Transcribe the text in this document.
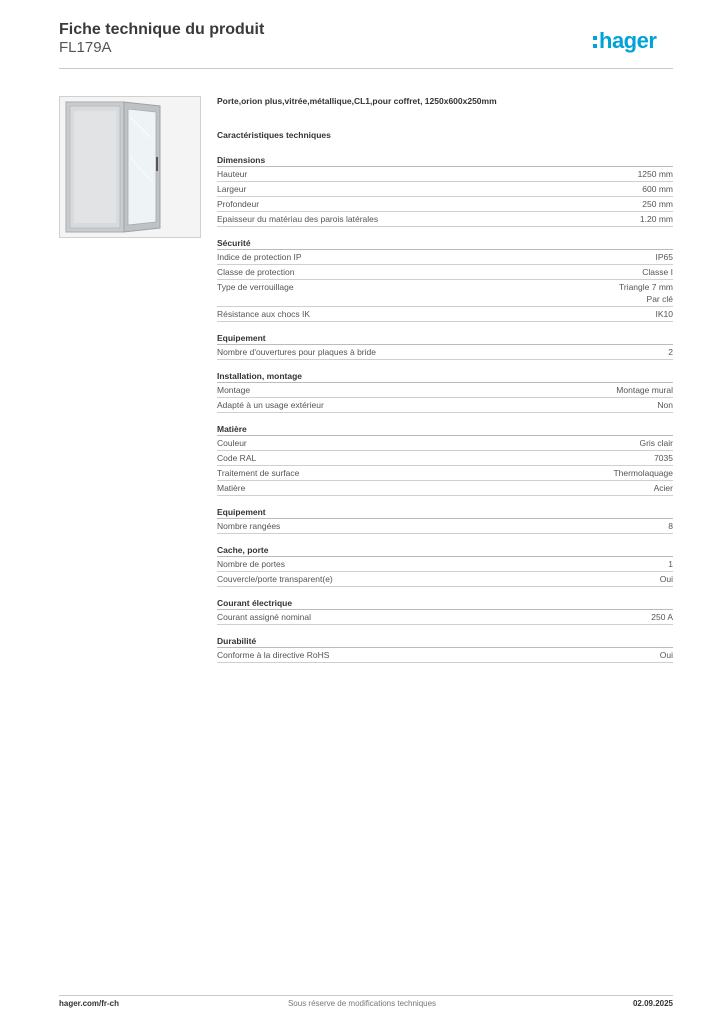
Fiche technique du produit
FL179A	hager
Porte,orion plus,vitrée,métallique,CL1,pour coffret, 1250x600x250mm
Caractéristiques techniques
Dimensions
Hauteur	1250 mm
Largeur	600 mm
Profondeur	250 mm
Epaisseur du matériau des parois latérales	1.20 mm
Sécurité
Indice de protection IP	IP65
Classe de protection	Classe I
Type de verrouillage	Triangle 7 mm
Par clé
Résistance aux chocs IK	IK10
Equipement
Nombre d'ouvertures pour plaques à bride	2
Installation, montage
Montage	Montage mural
Adapté à un usage extérieur	Non
Matière
Couleur	Gris clair
Code RAL	7035
Traitement de surface	Thermolaquage
Matière	Acier
Equipement
Nombre rangées	8
Cache, porte
Nombre de portes	1
Couvercle/porte transparent(e)	Oui
Courant électrique
Courant assigné nominal	250 A
Durabilité
Conforme à la directive RoHS	Oui
hager.com/fr-ch	Sous réserve de modifications techniques	02.09.2025
